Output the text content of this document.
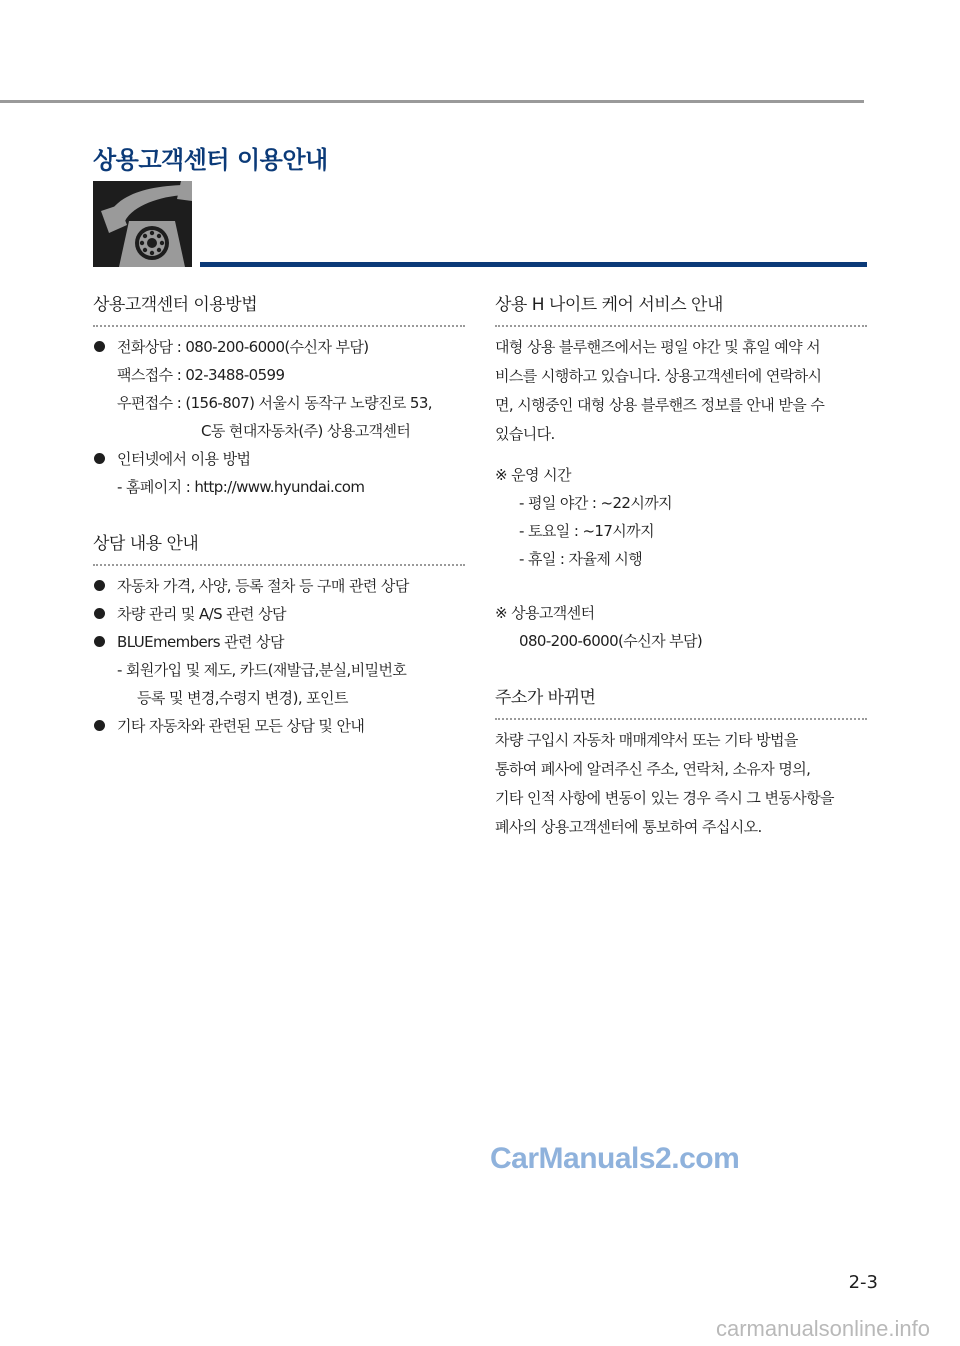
상용고객센터 이용안내
상용고객센터 이용방법
전화상담 : 080-200-6000(수신자 부담)
팩스접수 : 02-3488-0599
우편접수 : (156-807) 서울시 동작구 노량진로 53,
C동 현대자동차(주) 상용고객센터
인터넷에서 이용 방법
- 홈페이지 : http://www.hyundai.com
상담 내용 안내
자동차 가격, 사양, 등록 절차 등 구매 관련 상담
차량 관리 및 A/S 관련 상담
BLUEmembers 관련 상담
- 회원가입 및 제도, 카드(재발급,분실,비밀번호
등록 및 변경,수령지 변경), 포인트
기타 자동차와 관련된 모든 상담 및 안내
상용 H 나이트 케어 서비스 안내
대형 상용 블루핸즈에서는 평일 야간 및 휴일 예약 서
비스를 시행하고 있습니다. 상용고객센터에 연락하시
면, 시행중인 대형 상용 블루핸즈 정보를 안내 받을 수
있습니다.
※ 운영 시간
- 평일 야간 : ~22시까지
- 토요일 : ~17시까지
- 휴일 : 자율제 시행
※ 상용고객센터
080-200-6000(수신자 부담)
주소가 바뀌면
차량 구입시 자동차 매매계약서 또는 기타 방법을
통하여 폐사에 알려주신 주소, 연락처, 소유자 명의,
기타 인적 사항에 변동이 있는 경우 즉시 그 변동사항을
폐사의 상용고객센터에 통보하여 주십시오.
CarManuals2.com
2-3
carmanualsonline.info
